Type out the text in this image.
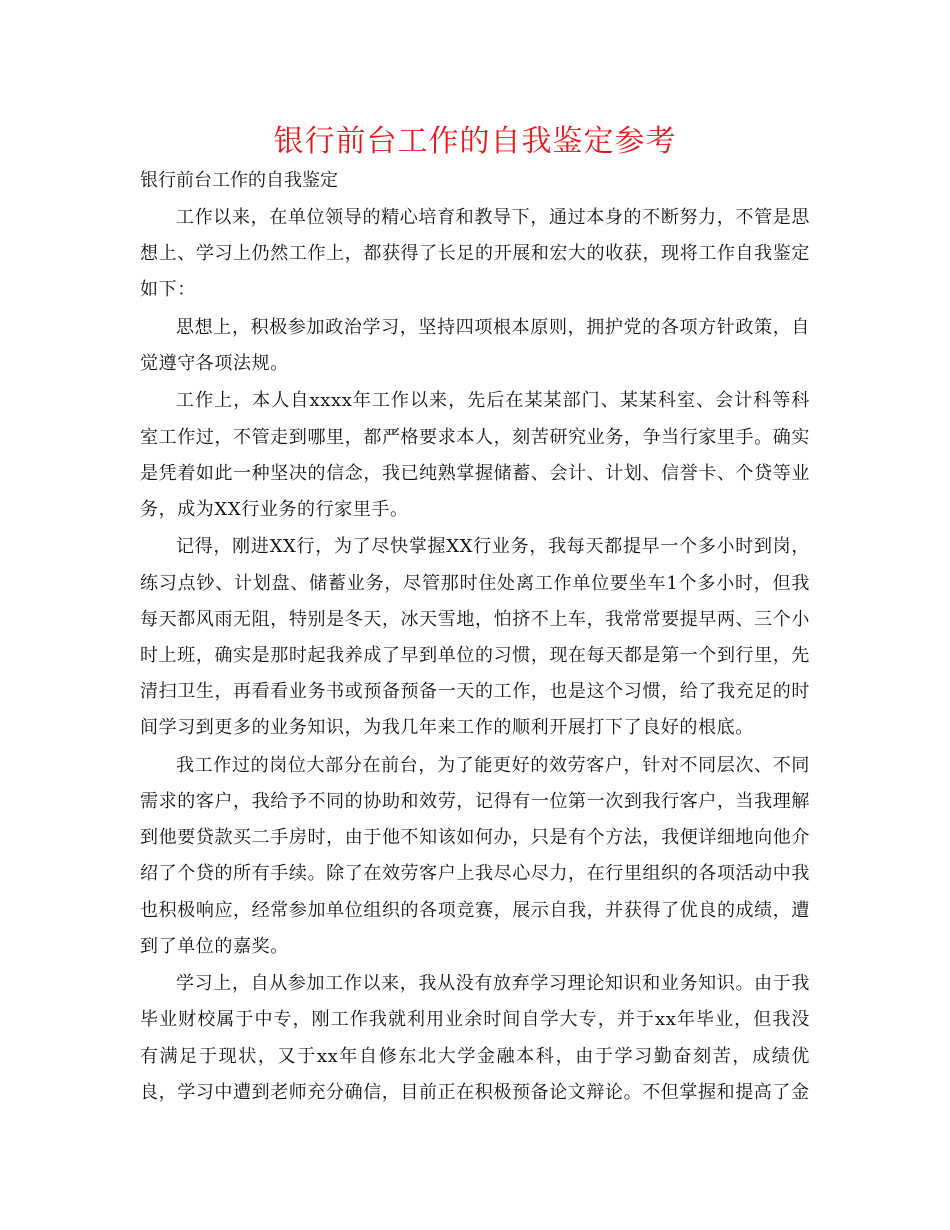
银行前台工作的自我鉴定参考

银行前台工作的自我鉴定

工作以来，在单位领导的精心培育和教导下，通过本身的不断努力，不管是思想上、学习上仍然工作上，都获得了长足的开展和宏大的收获，现将工作自我鉴定如下：

思想上，积极参加政治学习，坚持四项根本原则，拥护党的各项方针政策，自觉遵守各项法规。

工作上，本人自xxxx年工作以来，先后在某某部门、某某科室、会计科等科室工作过，不管走到哪里，都严格要求本人，刻苦研究业务，争当行家里手。确实是凭着如此一种坚决的信念，我已纯熟掌握储蓄、会计、计划、信誉卡、个贷等业务，成为XX行业务的行家里手。

记得，刚进XX行，为了尽快掌握XX行业务，我每天都提早一个多小时到岗，练习点钞、计划盘、储蓄业务，尽管那时住处离工作单位要坐车1个多小时，但我每天都风雨无阻，特别是冬天，冰天雪地，怕挤不上车，我常常要提早两、三个小时上班，确实是那时起我养成了早到单位的习惯，现在每天都是第一个到行里，先清扫卫生，再看看业务书或预备预备一天的工作，也是这个习惯，给了我充足的时间学习到更多的业务知识，为我几年来工作的顺利开展打下了良好的根底。

我工作过的岗位大部分在前台，为了能更好的效劳客户，针对不同层次、不同需求的客户，我给予不同的协助和效劳，记得有一位第一次到我行客户，当我理解到他要贷款买二手房时，由于他不知该如何办，只是有个方法，我便详细地向他介绍了个贷的所有手续。除了在效劳客户上我尽心尽力，在行里组织的各项活动中我也积极响应，经常参加单位组织的各项竞赛，展示自我，并获得了优良的成绩，遭到了单位的嘉奖。

学习上，自从参加工作以来，我从没有放弃学习理论知识和业务知识。由于我毕业财校属于中专，刚工作我就利用业余时间自学大专，并于xx年毕业，但我没有满足于现状，又于xx年自修东北大学金融本科，由于学习勤奋刻苦，成绩优良，学习中遭到老师充分确信，目前正在积极预备论文辩论。不但掌握和提高了金
